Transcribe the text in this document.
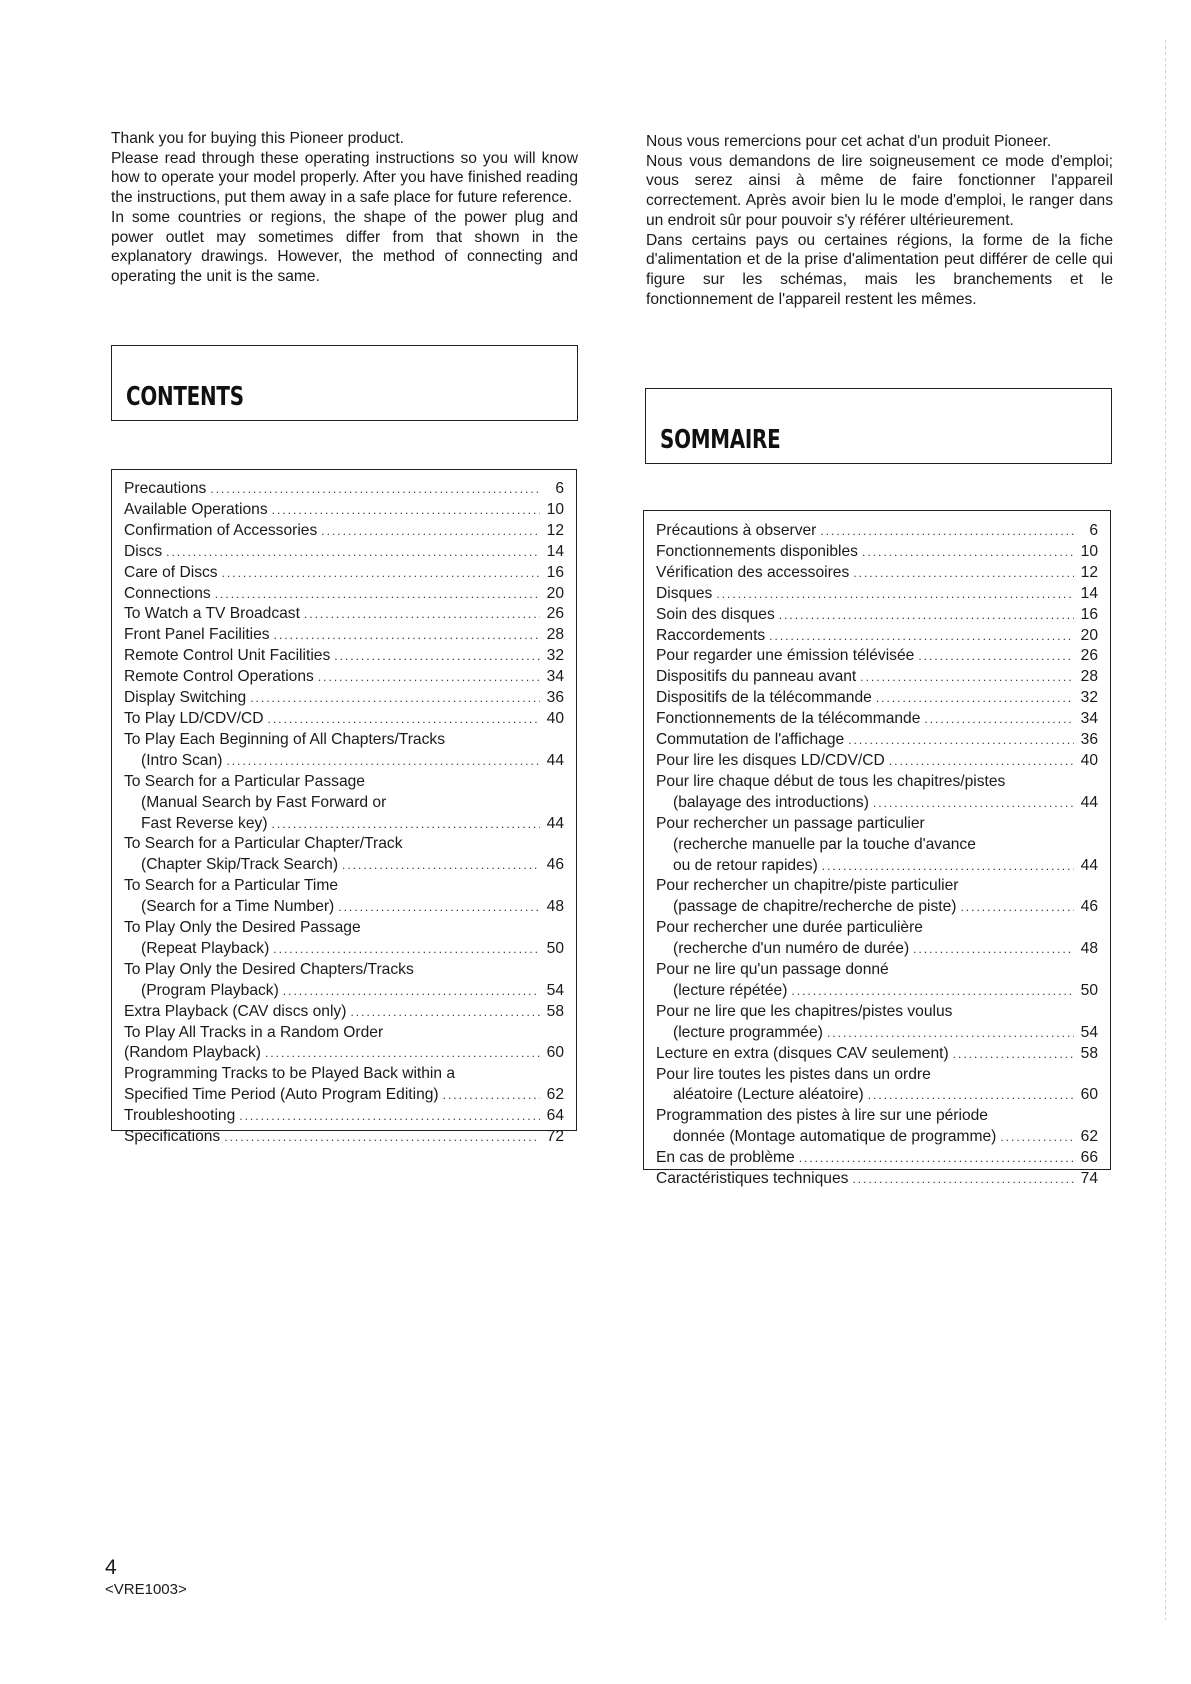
Thank you for buying this Pioneer product.

Please read through these operating instructions so you will know how to operate your model properly. After you have finished reading the instructions, put them away in a safe place for future reference.

In some countries or regions, the shape of the power plug and power outlet may sometimes differ from that shown in the explanatory drawings. However, the method of connecting and operating the unit is the same.

Nous vous remercions pour cet achat d'un produit Pioneer.

Nous vous demandons de lire soigneusement ce mode d'emploi; vous serez ainsi à même de faire fonctionner l'appareil correctement. Après avoir bien lu le mode d'emploi, le ranger dans un endroit sûr pour pouvoir s'y référer ultérieurement.

Dans certains pays ou certaines régions, la forme de la fiche d'alimentation et de la prise d'alimentation peut différer de celle qui figure sur les schémas, mais les branchements et le fonctionnement de l'appareil restent les mêmes.

CONTENTS
SOMMAIRE
Precautions .....	6
Available Operations .....	10
Confirmation of Accessories .....	12
Discs .....	14
Care of Discs .....	16
Connections .....	20
To Watch a TV Broadcast .....	26
Front Panel Facilities .....	28
Remote Control Unit Facilities .....	32
Remote Control Operations .....	34
Display Switching .....	36
To Play LD/CDV/CD .....	40
To Play Each Beginning of All Chapters/Tracks
(Intro Scan) .....	44
To Search for a Particular Passage
(Manual Search by Fast Forward or
Fast Reverse key) .....	44
To Search for a Particular Chapter/Track
(Chapter Skip/Track Search) .....	46
To Search for a Particular Time
(Search for a Time Number) .....	48
To Play Only the Desired Passage
(Repeat Playback) .....	50
To Play Only the Desired Chapters/Tracks
(Program Playback) .....	54
Extra Playback (CAV discs only) .....	58
To Play All Tracks in a Random Order
(Random Playback) .....	60
Programming Tracks to be Played Back within a
Specified Time Period (Auto Program Editing) .....	62
Troubleshooting .....	64
Specifications .....	72
Précautions à observer .....	6
Fonctionnements disponibles .....	10
Vérification des accessoires .....	12
Disques .....	14
Soin des disques .....	16
Raccordements .....	20
Pour regarder une émission télévisée .....	26
Dispositifs du panneau avant .....	28
Dispositifs de la télécommande .....	32
Fonctionnements de la télécommande .....	34
Commutation de l'affichage .....	36
Pour lire les disques LD/CDV/CD .....	40
Pour lire chaque début de tous les chapitres/pistes
(balayage des introductions) .....	44
Pour rechercher un passage particulier
(recherche manuelle par la touche d'avance
ou de retour rapides) .....	44
Pour rechercher un chapitre/piste particulier
(passage de chapitre/recherche de piste) .....	46
Pour rechercher une durée particulière
(recherche d'un numéro de durée) .....	48
Pour ne lire qu'un passage donné
(lecture répétée) .....	50
Pour ne lire que les chapitres/pistes voulus
(lecture programmée) .....	54
Lecture en extra (disques CAV seulement) .....	58
Pour lire toutes les pistes dans un ordre
aléatoire (Lecture aléatoire) .....	60
Programmation des pistes à lire sur une période
donnée (Montage automatique de programme) .....	62
En cas de problème .....	66
Caractéristiques techniques .....	74
4
<VRE1003>
